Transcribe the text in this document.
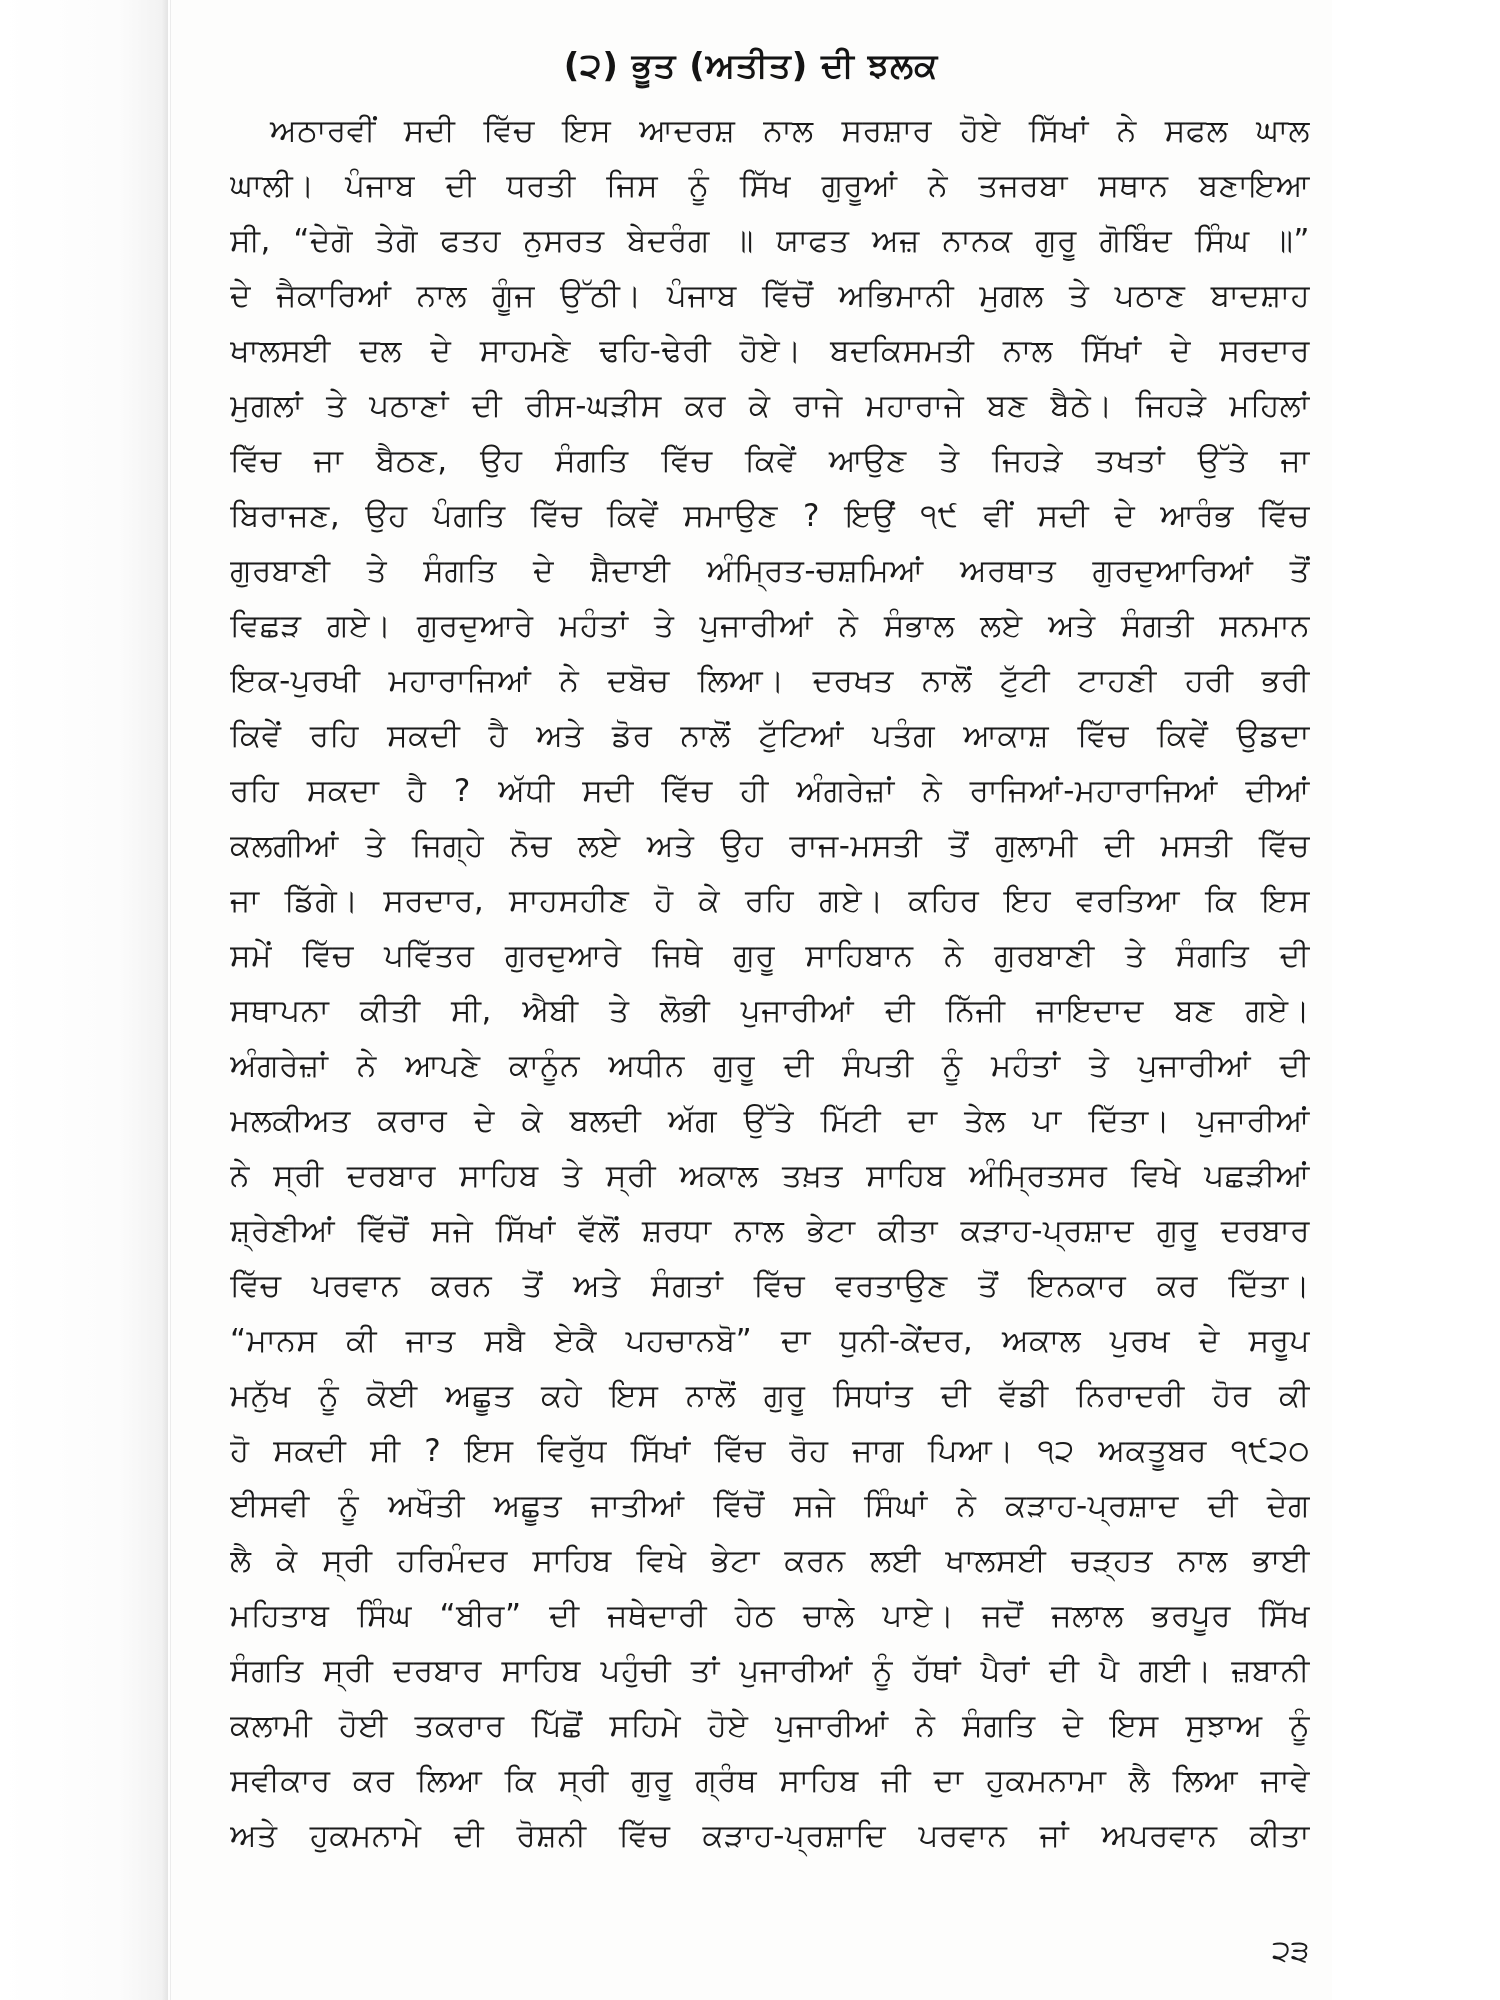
(੨) ਭੂਤ (ਅਤੀਤ) ਦੀ ਝਲਕ
ਅਠਾਰਵੀਂ ਸਦੀ ਵਿੱਚ ਇਸ ਆਦਰਸ਼ ਨਾਲ ਸਰਸ਼ਾਰ ਹੋਏ ਸਿੱਖਾਂ ਨੇ ਸਫਲ ਘਾਲ
ਘਾਲੀ। ਪੰਜਾਬ ਦੀ ਧਰਤੀ ਜਿਸ ਨੂੰ ਸਿੱਖ ਗੁਰੂਆਂ ਨੇ ਤਜਰਬਾ ਸਥਾਨ ਬਣਾਇਆ
ਸੀ, “ਦੇਗੋ ਤੇਗੋ ਫਤਹ ਨੁਸਰਤ ਬੇਦਰੰਗ ॥ ਯਾਫਤ ਅਜ਼ ਨਾਨਕ ਗੁਰੂ ਗੋਬਿੰਦ ਸਿੰਘ ॥”
ਦੇ ਜੈਕਾਰਿਆਂ ਨਾਲ ਗੂੰਜ ਉੱਠੀ। ਪੰਜਾਬ ਵਿੱਚੋਂ ਅਭਿਮਾਨੀ ਮੁਗਲ ਤੇ ਪਠਾਣ ਬਾਦਸ਼ਾਹ
ਖਾਲਸਈ ਦਲ ਦੇ ਸਾਹਮਣੇ ਢਹਿ-ਢੇਰੀ ਹੋਏ। ਬਦਕਿਸਮਤੀ ਨਾਲ ਸਿੱਖਾਂ ਦੇ ਸਰਦਾਰ
ਮੁਗਲਾਂ ਤੇ ਪਠਾਣਾਂ ਦੀ ਰੀਸ-ਘੜੀਸ ਕਰ ਕੇ ਰਾਜੇ ਮਹਾਰਾਜੇ ਬਣ ਬੈਠੇ। ਜਿਹੜੇ ਮਹਿਲਾਂ
ਵਿੱਚ ਜਾ ਬੈਠਣ, ਉਹ ਸੰਗਤਿ ਵਿੱਚ ਕਿਵੇਂ ਆਉਣ ਤੇ ਜਿਹੜੇ ਤਖਤਾਂ ਉੱਤੇ ਜਾ
ਬਿਰਾਜਣ, ਉਹ ਪੰਗਤਿ ਵਿੱਚ ਕਿਵੇਂ ਸਮਾਉਣ ? ਇਉਂ ੧੯ ਵੀਂ ਸਦੀ ਦੇ ਆਰੰਭ ਵਿੱਚ
ਗੁਰਬਾਣੀ ਤੇ ਸੰਗਤਿ ਦੇ ਸ਼ੈਦਾਈ ਅੰਮ੍ਰਿਤ-ਚਸ਼ਮਿਆਂ ਅਰਥਾਤ ਗੁਰਦੁਆਰਿਆਂ ਤੋਂ
ਵਿਛੜ ਗਏ। ਗੁਰਦੁਆਰੇ ਮਹੰਤਾਂ ਤੇ ਪੁਜਾਰੀਆਂ ਨੇ ਸੰਭਾਲ ਲਏ ਅਤੇ ਸੰਗਤੀ ਸਨਮਾਨ
ਇਕ-ਪੁਰਖੀ ਮਹਾਰਾਜਿਆਂ ਨੇ ਦਬੋਚ ਲਿਆ। ਦਰਖਤ ਨਾਲੋਂ ਟੁੱਟੀ ਟਾਹਣੀ ਹਰੀ ਭਰੀ
ਕਿਵੇਂ ਰਹਿ ਸਕਦੀ ਹੈ ਅਤੇ ਡੋਰ ਨਾਲੋਂ ਟੁੱਟਿਆਂ ਪਤੰਗ ਆਕਾਸ਼ ਵਿੱਚ ਕਿਵੇਂ ਉਡਦਾ
ਰਹਿ ਸਕਦਾ ਹੈ ? ਅੱਧੀ ਸਦੀ ਵਿੱਚ ਹੀ ਅੰਗਰੇਜ਼ਾਂ ਨੇ ਰਾਜਿਆਂ-ਮਹਾਰਾਜਿਆਂ ਦੀਆਂ
ਕਲਗੀਆਂ ਤੇ ਜਿਗ੍ਹੇ ਨੋਚ ਲਏ ਅਤੇ ਉਹ ਰਾਜ-ਮਸਤੀ ਤੋਂ ਗੁਲਾਮੀ ਦੀ ਮਸਤੀ ਵਿੱਚ
ਜਾ ਡਿੱਗੇ। ਸਰਦਾਰ, ਸਾਹਸਹੀਣ ਹੋ ਕੇ ਰਹਿ ਗਏ। ਕਹਿਰ ਇਹ ਵਰਤਿਆ ਕਿ ਇਸ
ਸਮੇਂ ਵਿੱਚ ਪਵਿੱਤਰ ਗੁਰਦੁਆਰੇ ਜਿਥੇ ਗੁਰੂ ਸਾਹਿਬਾਨ ਨੇ ਗੁਰਬਾਣੀ ਤੇ ਸੰਗਤਿ ਦੀ
ਸਥਾਪਨਾ ਕੀਤੀ ਸੀ, ਐਬੀ ਤੇ ਲੋਭੀ ਪੁਜਾਰੀਆਂ ਦੀ ਨਿੱਜੀ ਜਾਇਦਾਦ ਬਣ ਗਏ।
ਅੰਗਰੇਜ਼ਾਂ ਨੇ ਆਪਣੇ ਕਾਨੂੰਨ ਅਧੀਨ ਗੁਰੂ ਦੀ ਸੰਪਤੀ ਨੂੰ ਮਹੰਤਾਂ ਤੇ ਪੁਜਾਰੀਆਂ ਦੀ
ਮਲਕੀਅਤ ਕਰਾਰ ਦੇ ਕੇ ਬਲਦੀ ਅੱਗ ਉੱਤੇ ਮਿੱਟੀ ਦਾ ਤੇਲ ਪਾ ਦਿੱਤਾ। ਪੁਜਾਰੀਆਂ
ਨੇ ਸ੍ਰੀ ਦਰਬਾਰ ਸਾਹਿਬ ਤੇ ਸ੍ਰੀ ਅਕਾਲ ਤਖ਼ਤ ਸਾਹਿਬ ਅੰਮ੍ਰਿਤਸਰ ਵਿਖੇ ਪਛੜੀਆਂ
ਸ਼੍ਰੇਣੀਆਂ ਵਿੱਚੋਂ ਸਜੇ ਸਿੱਖਾਂ ਵੱਲੋਂ ਸ਼ਰਧਾ ਨਾਲ ਭੇਟਾ ਕੀਤਾ ਕੜਾਹ-ਪ੍ਰਸ਼ਾਦ ਗੁਰੂ ਦਰਬਾਰ
ਵਿੱਚ ਪਰਵਾਨ ਕਰਨ ਤੋਂ ਅਤੇ ਸੰਗਤਾਂ ਵਿੱਚ ਵਰਤਾਉਣ ਤੋਂ ਇਨਕਾਰ ਕਰ ਦਿੱਤਾ।
“ਮਾਨਸ ਕੀ ਜਾਤ ਸਬੈ ਏਕੈ ਪਹਚਾਨਬੋ” ਦਾ ਧੁਨੀ-ਕੇਂਦਰ, ਅਕਾਲ ਪੁਰਖ ਦੇ ਸਰੂਪ
ਮਨੁੱਖ ਨੂੰ ਕੋਈ ਅਛੂਤ ਕਹੇ ਇਸ ਨਾਲੋਂ ਗੁਰੂ ਸਿਧਾਂਤ ਦੀ ਵੱਡੀ ਨਿਰਾਦਰੀ ਹੋਰ ਕੀ
ਹੋ ਸਕਦੀ ਸੀ ? ਇਸ ਵਿਰੁੱਧ ਸਿੱਖਾਂ ਵਿੱਚ ਰੋਹ ਜਾਗ ਪਿਆ। ੧੨ ਅਕਤੂਬਰ ੧੯੨੦
ਈਸਵੀ ਨੂੰ ਅਖੌਤੀ ਅਛੂਤ ਜਾਤੀਆਂ ਵਿੱਚੋਂ ਸਜੇ ਸਿੰਘਾਂ ਨੇ ਕੜਾਹ-ਪ੍ਰਸ਼ਾਦ ਦੀ ਦੇਗ
ਲੈ ਕੇ ਸ੍ਰੀ ਹਰਿਮੰਦਰ ਸਾਹਿਬ ਵਿਖੇ ਭੇਟਾ ਕਰਨ ਲਈ ਖਾਲਸਈ ਚੜ੍ਹਤ ਨਾਲ ਭਾਈ
ਮਹਿਤਾਬ ਸਿੰਘ “ਬੀਰ” ਦੀ ਜਥੇਦਾਰੀ ਹੇਠ ਚਾਲੇ ਪਾਏ। ਜਦੋਂ ਜਲਾਲ ਭਰਪੂਰ ਸਿੱਖ
ਸੰਗਤਿ ਸ੍ਰੀ ਦਰਬਾਰ ਸਾਹਿਬ ਪਹੁੰਚੀ ਤਾਂ ਪੁਜਾਰੀਆਂ ਨੂੰ ਹੱਥਾਂ ਪੈਰਾਂ ਦੀ ਪੈ ਗਈ। ਜ਼ਬਾਨੀ
ਕਲਾਮੀ ਹੋਈ ਤਕਰਾਰ ਪਿੱਛੋਂ ਸਹਿਮੇ ਹੋਏ ਪੁਜਾਰੀਆਂ ਨੇ ਸੰਗਤਿ ਦੇ ਇਸ ਸੁਝਾਅ ਨੂੰ
ਸਵੀਕਾਰ ਕਰ ਲਿਆ ਕਿ ਸ੍ਰੀ ਗੁਰੂ ਗ੍ਰੰਥ ਸਾਹਿਬ ਜੀ ਦਾ ਹੁਕਮਨਾਮਾ ਲੈ ਲਿਆ ਜਾਵੇ
ਅਤੇ ਹੁਕਮਨਾਮੇ ਦੀ ਰੋਸ਼ਨੀ ਵਿੱਚ ਕੜਾਹ-ਪ੍ਰਸ਼ਾਦਿ ਪਰਵਾਨ ਜਾਂ ਅਪਰਵਾਨ ਕੀਤਾ
੨੩
